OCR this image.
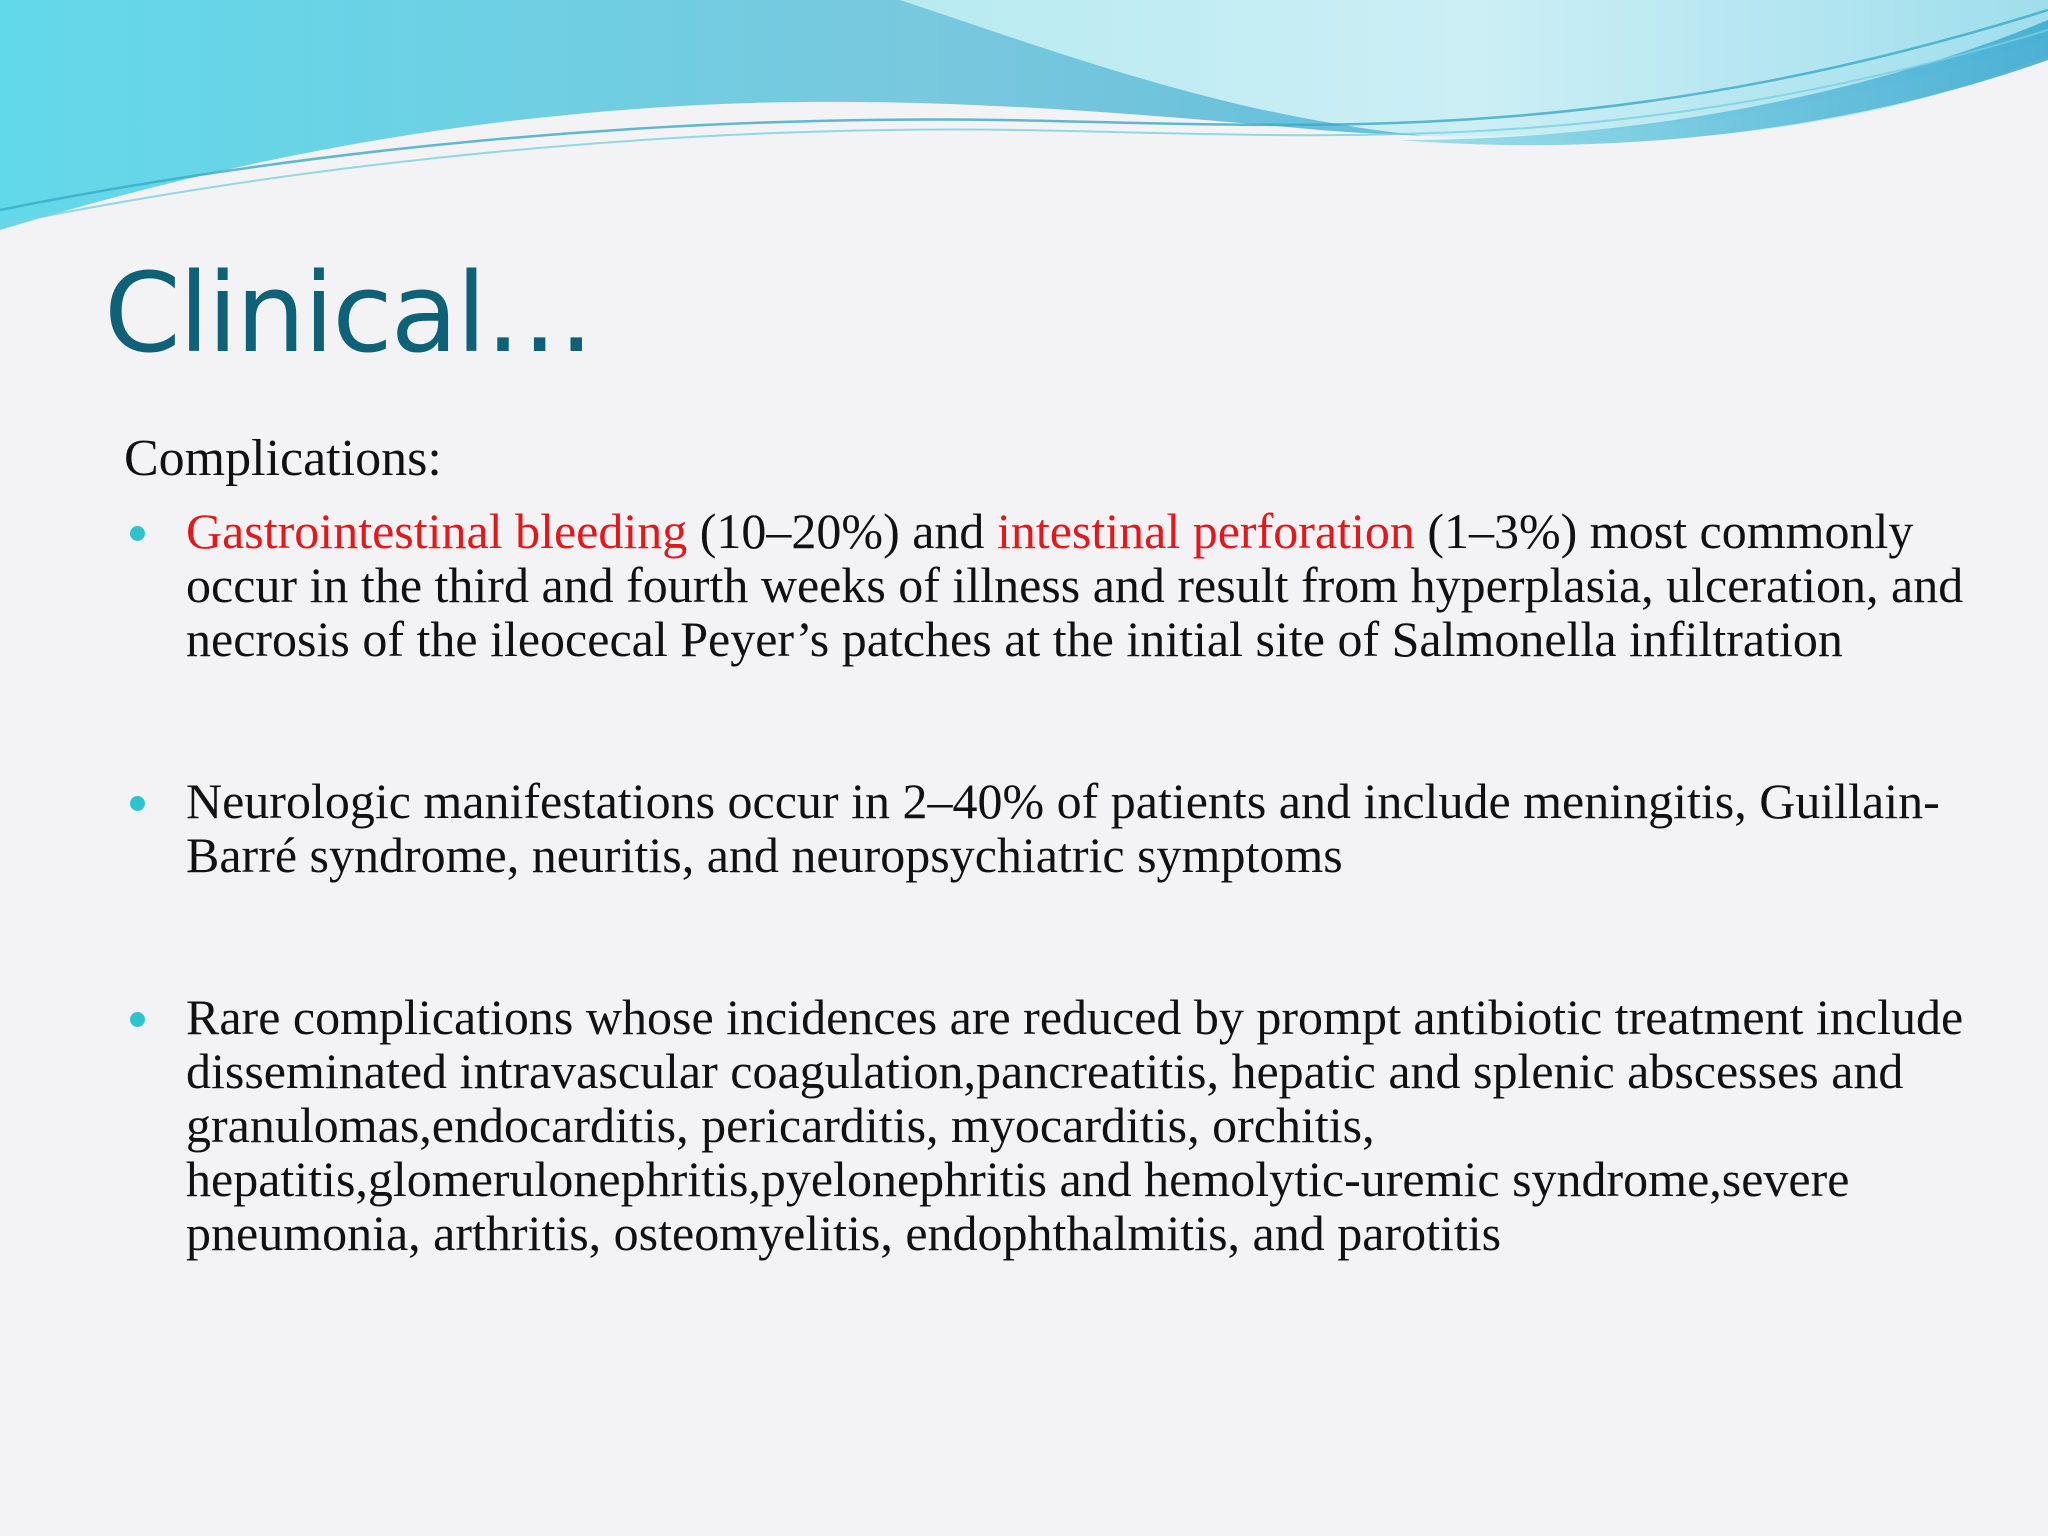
Clinical…

Complications:

Gastrointestinal bleeding (10–20%) and intestinal perforation (1–3%) most commonly occur in the third and fourth weeks of illness and result from hyperplasia, ulceration, and necrosis of the ileocecal Peyer’s patches at the initial site of Salmonella infiltration
Neurologic manifestations occur in 2–40% of patients and include meningitis, Guillain-Barré syndrome, neuritis, and neuropsychiatric symptoms
Rare complications whose incidences are reduced by prompt antibiotic treatment include disseminated intravascular coagulation,pancreatitis, hepatic and splenic abscesses and granulomas,endocarditis, pericarditis, myocarditis, orchitis, hepatitis,glomerulonephritis,pyelonephritis and hemolytic-uremic syndrome,severe pneumonia, arthritis, osteomyelitis, endophthalmitis, and parotitis
